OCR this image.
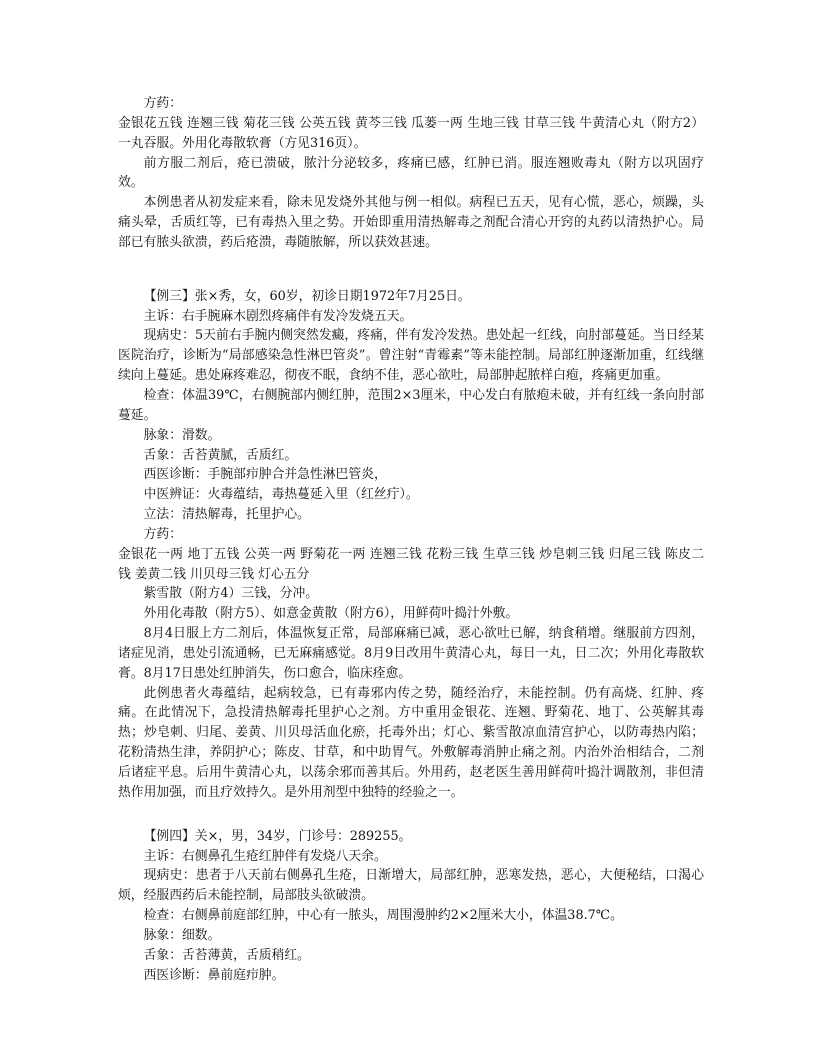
方药：

金银花五钱 连翘三钱 菊花三钱 公英五钱 黄芩三钱 瓜蒌一两 生地三钱 甘草三钱 牛黄清心丸（附方2）一丸吞服。外用化毒散软膏（方见316页）。

前方服二剂后，疮已溃破，脓汁分泌较多，疼痛已感，红肿已消。服连翘败毒丸（附方以巩固疗效。

本例患者从初发症来看，除未见发烧外其他与例一相似。病程已五天，见有心慌，恶心，烦躁，头痛头晕，舌质红等，已有毒热入里之势。开始即重用清热解毒之剂配合清心开窍的丸药以清热护心。局部已有脓头欲溃，药后疮溃，毒随脓解，所以获效甚速。

【例三】张×秀，女，60岁，初诊日期1972年7月25日。

主诉：右手腕麻木剧烈疼痛伴有发冷发烧五天。

现病史：5天前右手腕内侧突然发癜，疼痛，伴有发冷发热。患处起一红线，向肘部蔓延。当日经某医院治疗，诊断为“局部感染急性淋巴管炎”。曾注射“青霉素”等未能控制。局部红肿逐渐加重，红线继续向上蔓延。患处麻疼难忍，彻夜不眠，食纳不佳，恶心欲吐，局部肿起脓样白疱，疼痛更加重。

检查：体温39℃，右侧腕部内侧红肿，范围2×3厘米，中心发白有脓疱未破，并有红线一条向肘部蔓延。

脉象：滑数。

舌象：舌苔黄腻，舌质红。

西医诊断：手腕部疖肿合并急性淋巴管炎，

中医辨证：火毒蕴结，毒热蔓延入里（红丝疔）。

立法：清热解毒，托里护心。

方药：

金银花一两 地丁五钱 公英一两 野菊花一两 连翘三钱 花粉三钱 生草三钱 炒皂刺三钱 归尾三钱 陈皮二钱 姜黄二钱 川贝母三钱 灯心五分

紫雪散（附方4）三钱，分冲。

外用化毒散（附方5）、如意金黄散（附方6），用鲜荷叶捣汁外敷。

8月4日服上方二剂后，体温恢复正常，局部麻痛已减，恶心欲吐已解，纳食稍增。继服前方四剂，诸症见消，患处引流通畅，已无麻痛感觉。8月9日改用牛黄清心丸，每日一丸，日二次；外用化毒散软膏。8月17日患处红肿消失，伤口愈合，临床痊愈。

此例患者火毒蕴结，起病较急，已有毒邪内传之势，随经治疗，未能控制。仍有高烧、红肿、疼痛。在此情况下，急投清热解毒托里护心之剂。方中重用金银花、连翘、野菊花、地丁、公英解其毒热；炒皂刺、归尾、姜黄、川贝母活血化瘀，托毒外出；灯心、紫雪散凉血清宫护心，以防毒热内陷；花粉清热生津，养阴护心；陈皮、甘草，和中助胃气。外敷解毒消肿止痛之剂。内治外治相结合，二剂后诸症平息。后用牛黄清心丸，以荡余邪而善其后。外用药，赵老医生善用鲜荷叶捣汁调散剂，非但清热作用加强，而且疗效持久。是外用剂型中独特的经验之一。

【例四】关×，男，34岁，门诊号：289255。

主诉：右侧鼻孔生疮红肿伴有发烧八天余。

现病史：患者于八天前右侧鼻孔生疮，日渐增大，局部红肿，恶寒发热，恶心，大便秘结，口渴心烦，经服西药后未能控制，局部肢头欲破溃。

检查：右侧鼻前庭部红肿，中心有一脓头，周围漫肿约2×2厘米大小，体温38.7℃。

脉象：细数。

舌象：舌苔薄黄，舌质稍红。

西医诊断：鼻前庭疖肿。
